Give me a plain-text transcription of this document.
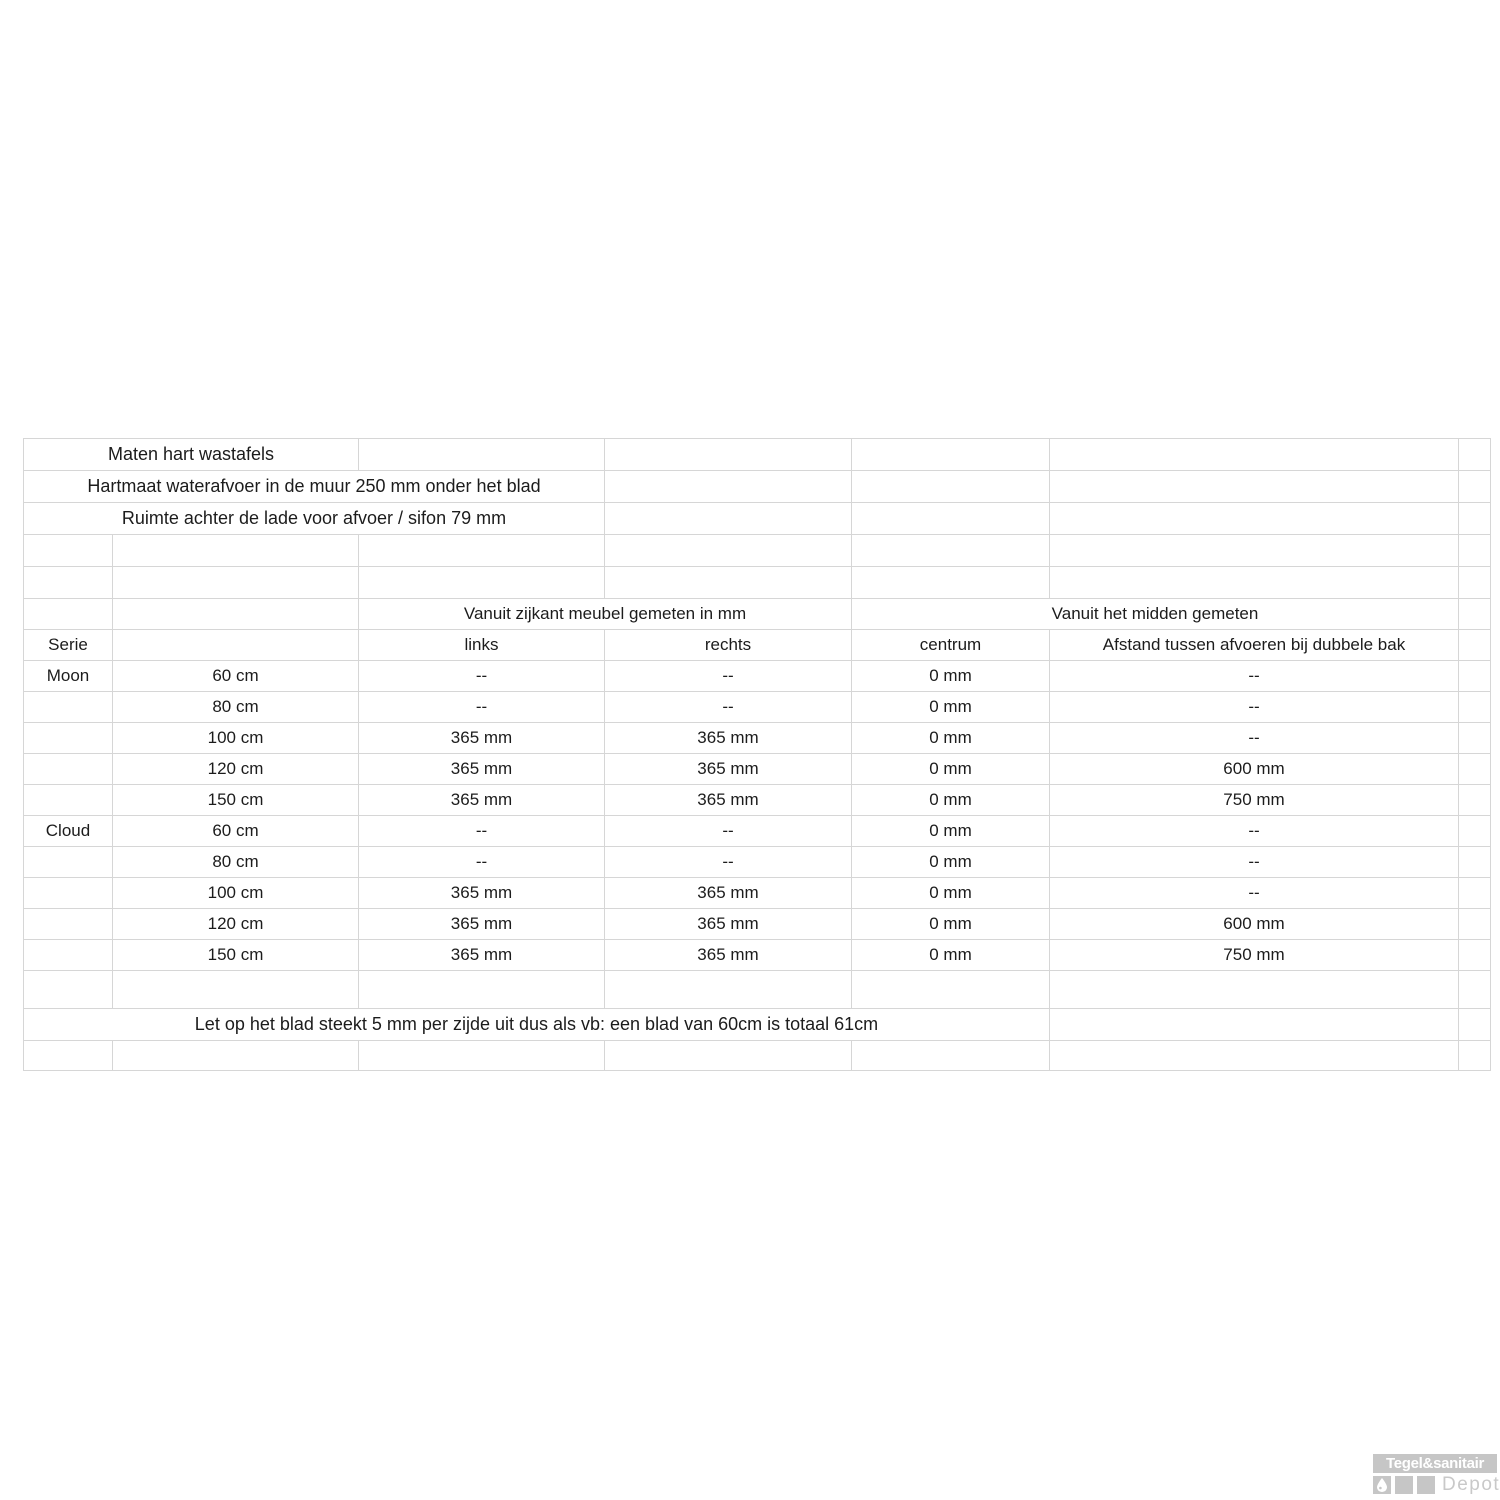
Maten hart wastafels						
Hartmaat waterafvoer in de muur 250 mm onder het blad						
Ruimte achter de lade voor afvoer / sifon 79 mm						

		Vanuit zijkant meubel gemeten in mm		Vanuit het midden gemeten		
Serie		links	rechts	centrum	Afstand tussen afvoeren bij dubbele bak	
Moon	60 cm	--	--	0 mm	--	
	80 cm	--	--	0 mm	--	
	100 cm	365 mm	365 mm	0 mm	--	
	120 cm	365 mm	365 mm	0 mm	600 mm	
	150 cm	365 mm	365 mm	0 mm	750 mm	
Cloud	60 cm	--	--	0 mm	--	
	80 cm	--	--	0 mm	--	
	100 cm	365 mm	365 mm	0 mm	--	
	120 cm	365 mm	365 mm	0 mm	600 mm	
	150 cm	365 mm	365 mm	0 mm	750 mm	

Let op het blad steekt 5 mm per zijde uit dus als vb: een blad van 60cm is totaal 61cm						

Tegel&sanitair
Depot
